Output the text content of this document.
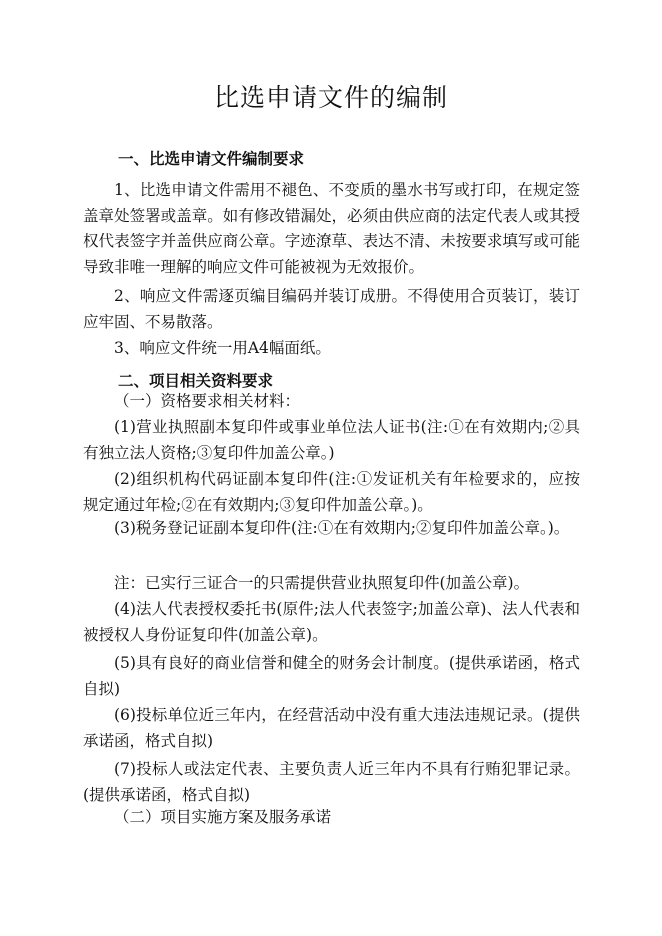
比选申请文件的编制
一、比选申请文件编制要求
1、比选申请文件需用不褪色、不变质的墨水书写或打印，在规定签盖章处签署或盖章。如有修改错漏处，必须由供应商的法定代表人或其授权代表签字并盖供应商公章。字迹潦草、表达不清、未按要求填写或可能导致非唯一理解的响应文件可能被视为无效报价。
2、响应文件需逐页编目编码并装订成册。不得使用合页装订，装订应牢固、不易散落。
3、响应文件统一用A4幅面纸。
二、项目相关资料要求
（一）资格要求相关材料：
(1)营业执照副本复印件或事业单位法人证书(注:①在有效期内;②具有独立法人资格;③复印件加盖公章。)
(2)组织机构代码证副本复印件(注:①发证机关有年检要求的，应按规定通过年检;②在有效期内;③复印件加盖公章。)。
(3)税务登记证副本复印件(注:①在有效期内;②复印件加盖公章。)。
注：已实行三证合一的只需提供营业执照复印件(加盖公章)。
(4)法人代表授权委托书(原件;法人代表签字;加盖公章)、法人代表和被授权人身份证复印件(加盖公章)。
(5)具有良好的商业信誉和健全的财务会计制度。(提供承诺函，格式自拟)
(6)投标单位近三年内，在经营活动中没有重大违法违规记录。(提供承诺函，格式自拟)
(7)投标人或法定代表、主要负责人近三年内不具有行贿犯罪记录。(提供承诺函，格式自拟)
（二）项目实施方案及服务承诺
